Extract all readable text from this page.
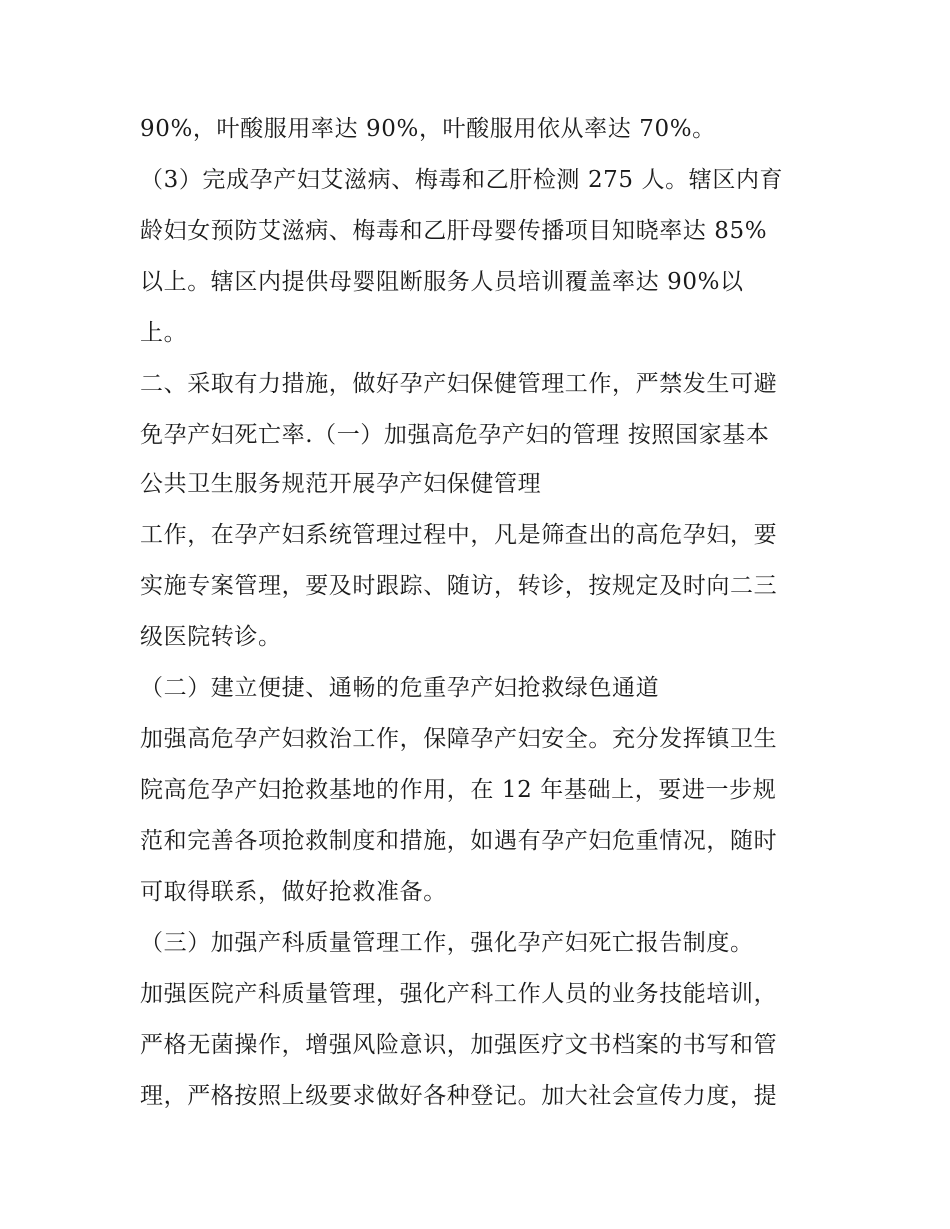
90%，叶酸服用率达 90%，叶酸服用依从率达 70%。
（3）完成孕产妇艾滋病、梅毒和乙肝检测 275 人。辖区内育
龄妇女预防艾滋病、梅毒和乙肝母婴传播项目知晓率达 85%
以上。辖区内提供母婴阻断服务人员培训覆盖率达 90%以
上。
二、采取有力措施，做好孕产妇保健管理工作，严禁发生可避
免孕产妇死亡率.（一）加强高危孕产妇的管理 按照国家基本
公共卫生服务规范开展孕产妇保健管理
工作，在孕产妇系统管理过程中，凡是筛查出的高危孕妇，要
实施专案管理，要及时跟踪、随访，转诊，按规定及时向二三
级医院转诊。
（二）建立便捷、通畅的危重孕产妇抢救绿色通道
加强高危孕产妇救治工作，保障孕产妇安全。充分发挥镇卫生
院高危孕产妇抢救基地的作用，在 12 年基础上，要进一步规
范和完善各项抢救制度和措施，如遇有孕产妇危重情况，随时
可取得联系，做好抢救准备。
（三）加强产科质量管理工作，强化孕产妇死亡报告制度。
加强医院产科质量管理，强化产科工作人员的业务技能培训，
严格无菌操作，增强风险意识，加强医疗文书档案的书写和管
理，严格按照上级要求做好各种登记。加大社会宣传力度，提
